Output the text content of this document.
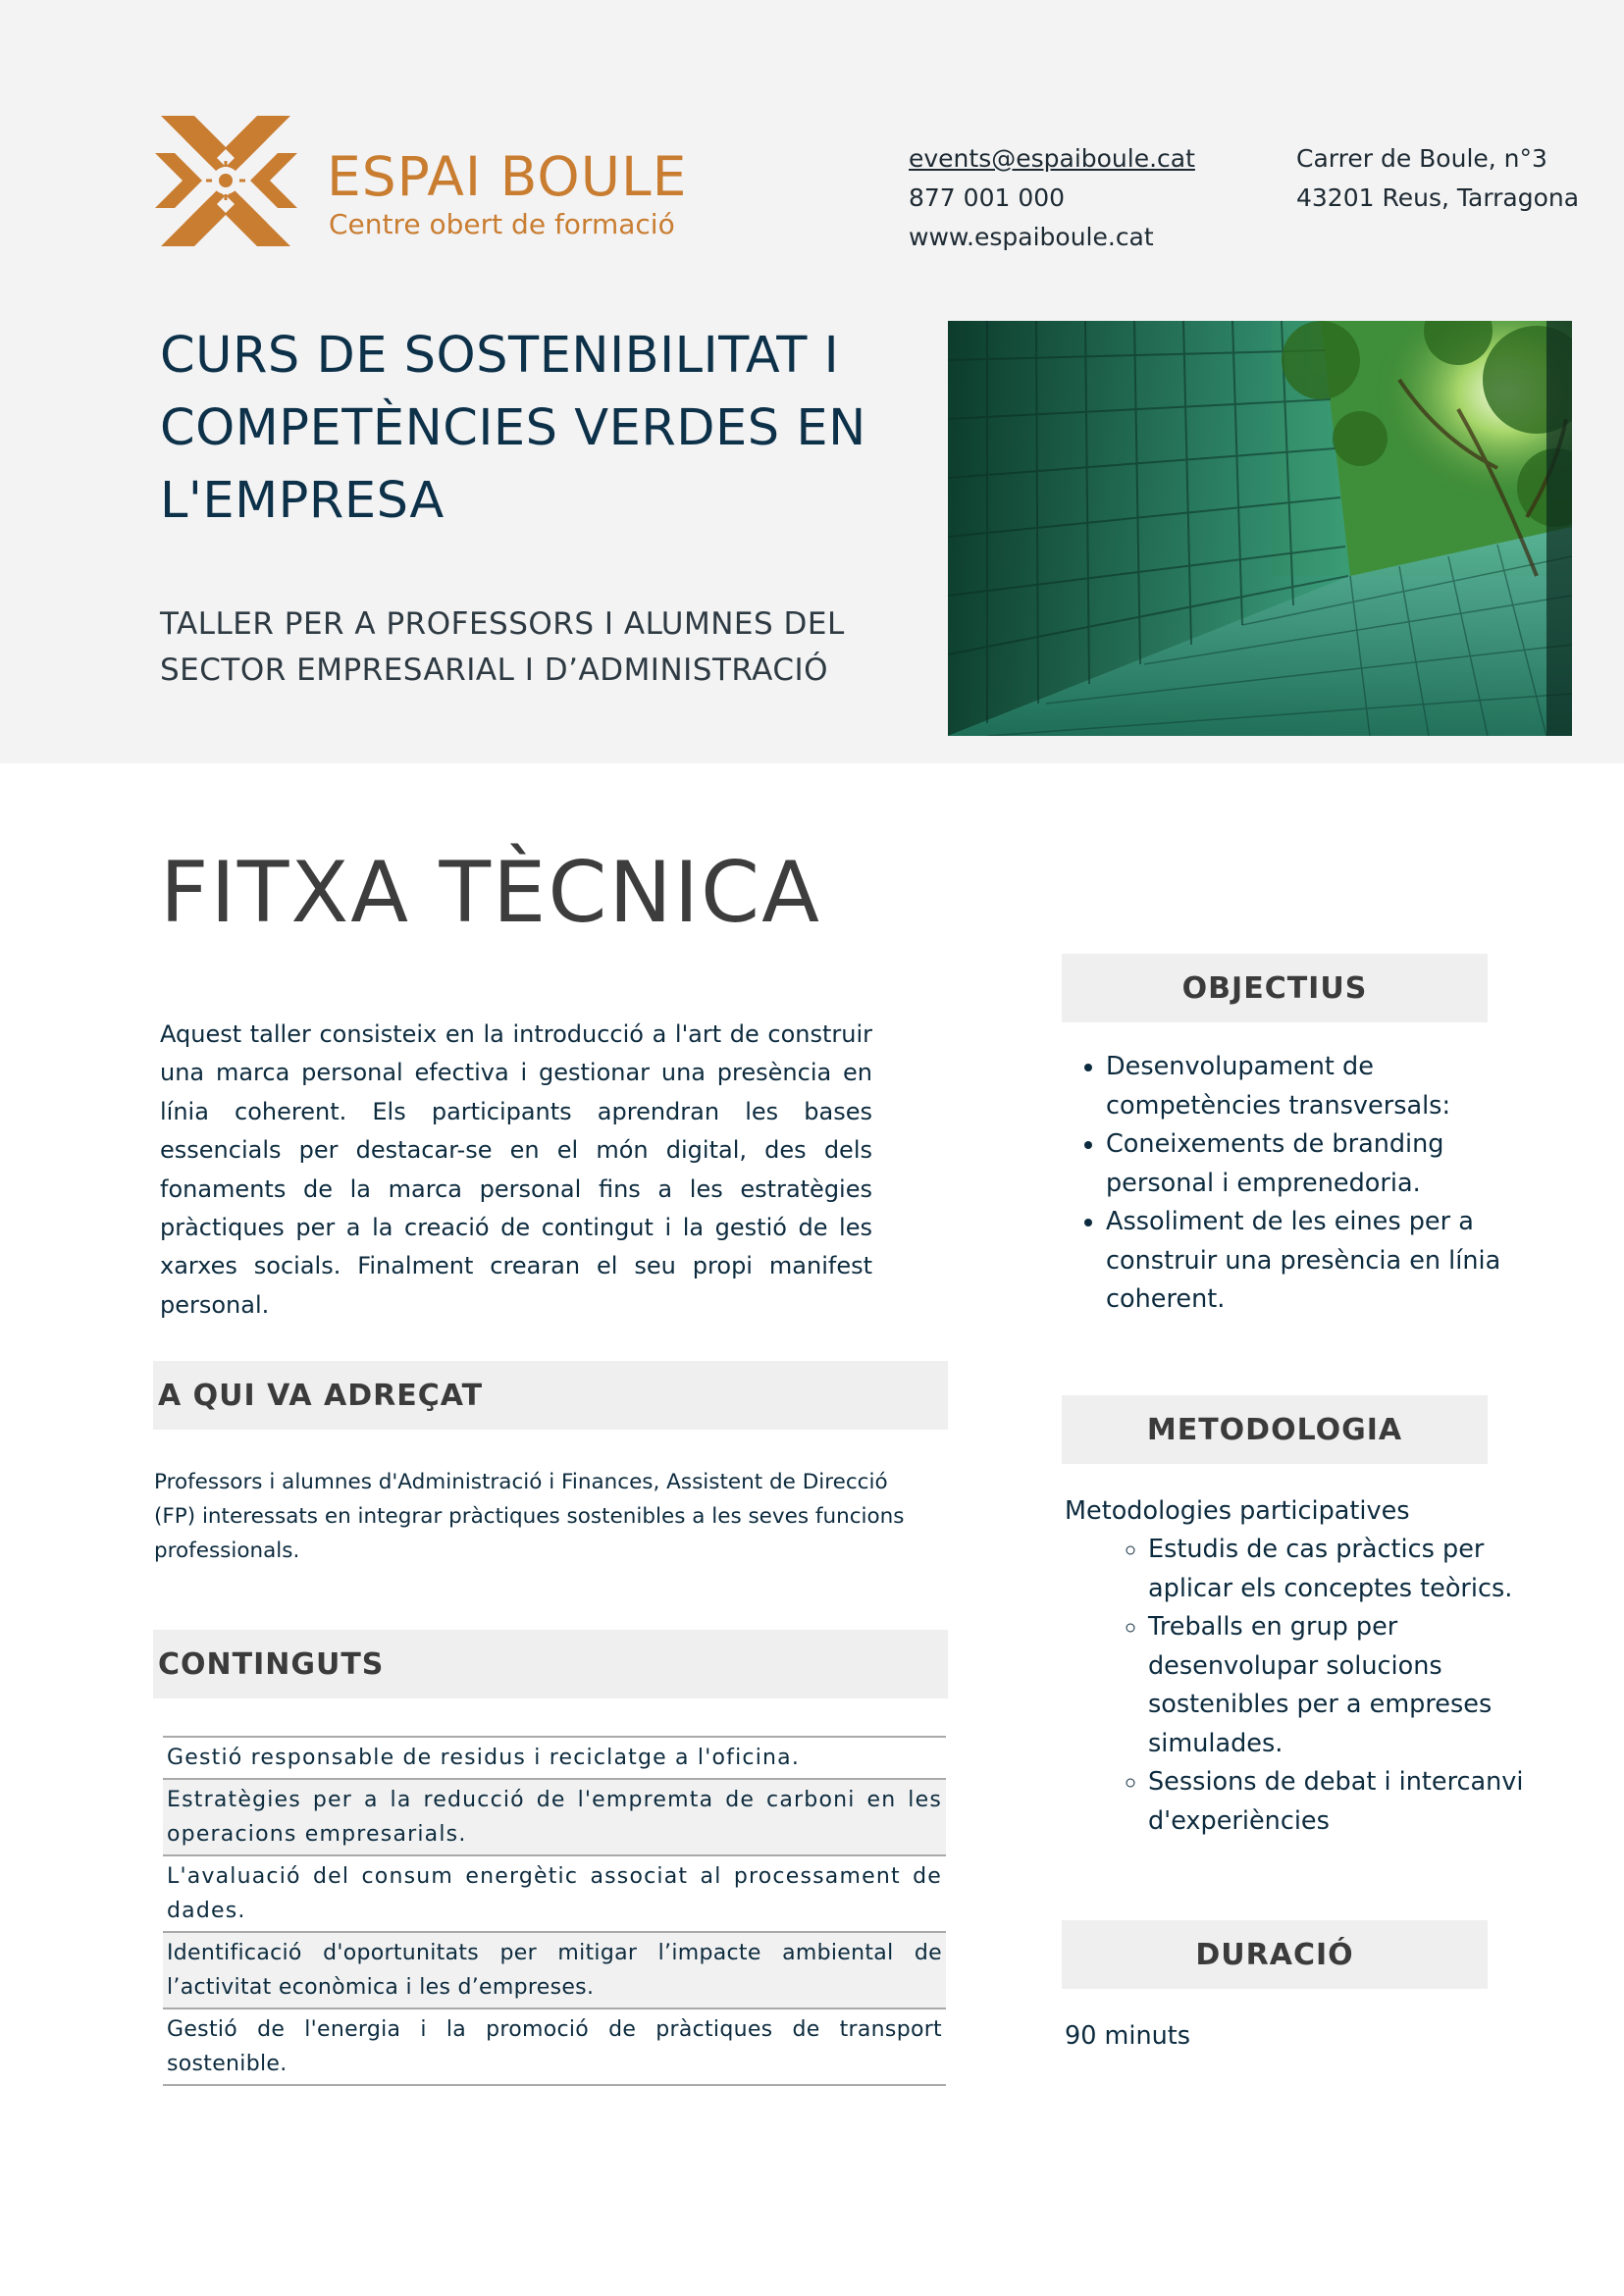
ESPAI BOULE
Centre obert de formació
events@espaiboule.cat
877 001 000
www.espaiboule.cat
Carrer de Boule, n°3
43201 Reus, Tarragona
CURS DE SOSTENIBILITAT I COMPETÈNCIES VERDES EN L'EMPRESA
TALLER PER A PROFESSORS I ALUMNES DEL SECTOR EMPRESARIAL I D’ADMINISTRACIÓ
FITXA TÈCNICA
Aquest taller consisteix en la introducció a l'art de construir una marca personal efectiva i gestionar una presència en línia coherent. Els participants aprendran les bases essencials per destacar-se en el món digital, des dels fonaments de la marca personal fins a les estratègies pràctiques per a la creació de contingut i la gestió de les xarxes socials. Finalment crearan el seu propi manifest personal.
A QUI VA ADREÇAT
Professors i alumnes d'Administració i Finances, Assistent de Direcció (FP) interessats en integrar pràctiques sostenibles a les seves funcions professionals.
CONTINGUTS
Gestió responsable de residus i reciclatge a l'oficina.
Estratègies per a la reducció de l'empremta de carboni en les operacions empresarials.
L'avaluació del consum energètic associat al processament de dades.
Identificació d'oportunitats per mitigar l’impacte ambiental de l’activitat econòmica i les d’empreses.
Gestió de l'energia i la promoció de pràctiques de transport sostenible.
OBJECTIUS
• Desenvolupament de competències transversals:
• Coneixements de branding personal i emprenedoria.
• Assoliment de les eines per a construir una presència en línia coherent.
METODOLOGIA
Metodologies participatives
◦ Estudis de cas pràctics per aplicar els conceptes teòrics.
◦ Treballs en grup per desenvolupar solucions sostenibles per a empreses simulades.
◦ Sessions de debat i intercanvi d'experiències
DURACIÓ
90 minuts
